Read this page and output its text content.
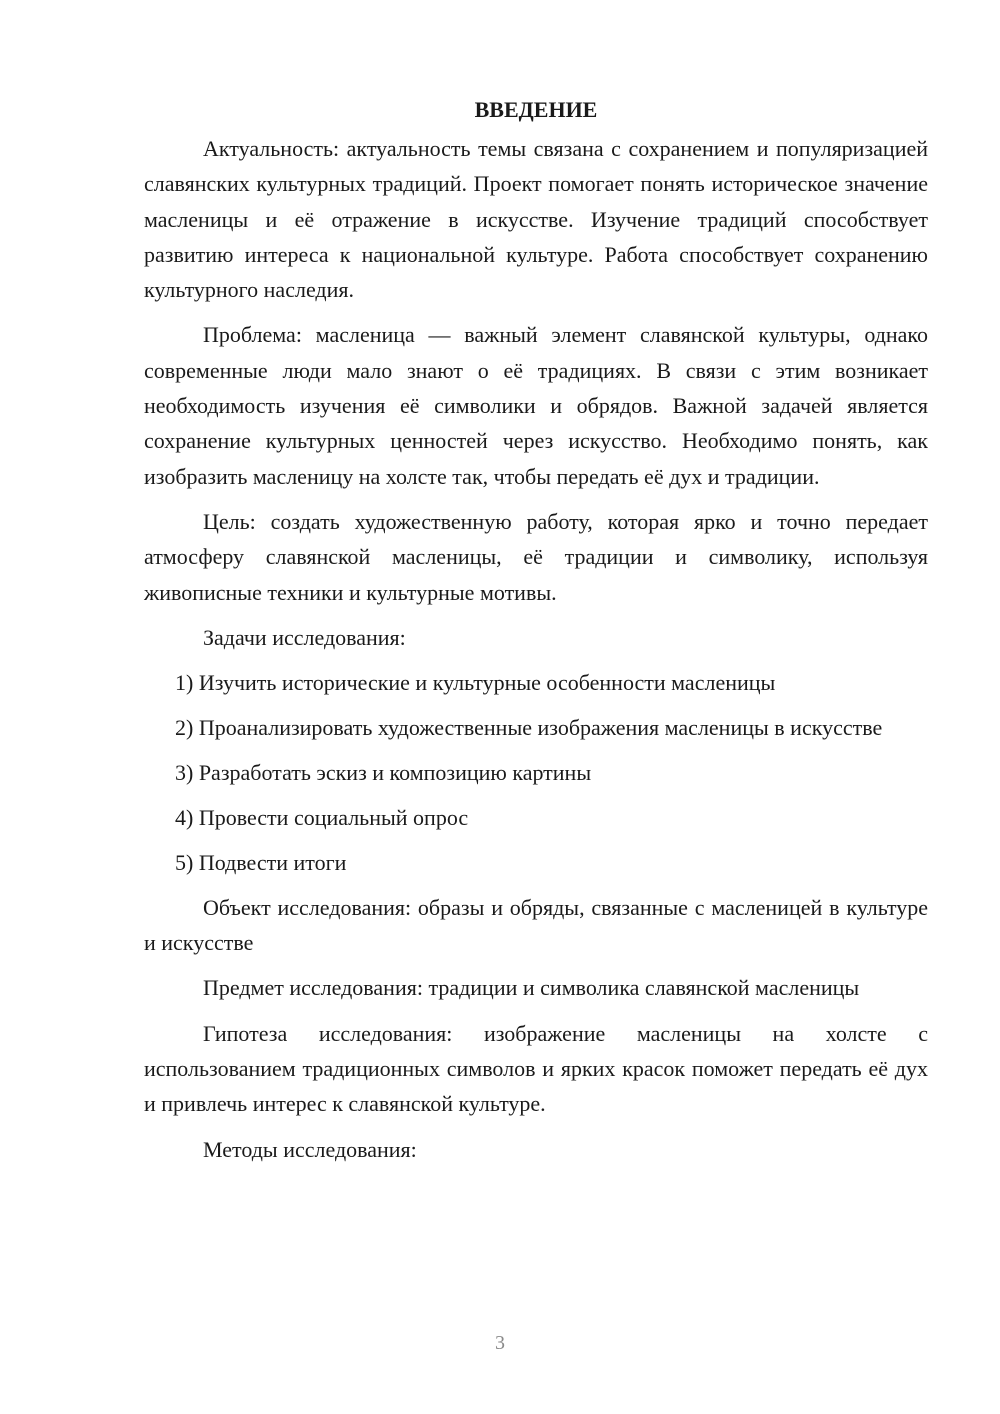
ВВЕДЕНИЕ

Актуальность: актуальность темы связана с сохранением и популяризацией славянских культурных традиций. Проект помогает понять историческое значение масленицы и её отражение в искусстве. Изучение традиций способствует развитию интереса к национальной культуре. Работа способствует сохранению культурного наследия.

Проблема: масленица — важный элемент славянской культуры, однако современные люди мало знают о её традициях. В связи с этим возникает необходимость изучения её символики и обрядов. Важной задачей является сохранение культурных ценностей через искусство. Необходимо понять, как изобразить масленицу на холсте так, чтобы передать её дух и традиции.

Цель: создать художественную работу, которая ярко и точно передает атмосферу славянской масленицы, её традиции и символику, используя живописные техники и культурные мотивы.

Задачи исследования:

1) Изучить исторические и культурные особенности масленицы

2) Проанализировать художественные изображения масленицы в искусстве

3) Разработать эскиз и композицию картины

4) Провести социальный опрос

5) Подвести итоги

Объект исследования: образы и обряды, связанные с масленицей в культуре и искусстве

Предмет исследования: традиции и символика славянской масленицы

Гипотеза исследования: изображение масленицы на холсте с использованием традиционных символов и ярких красок поможет передать её дух и привлечь интерес к славянской культуре.

Методы исследования:

3
